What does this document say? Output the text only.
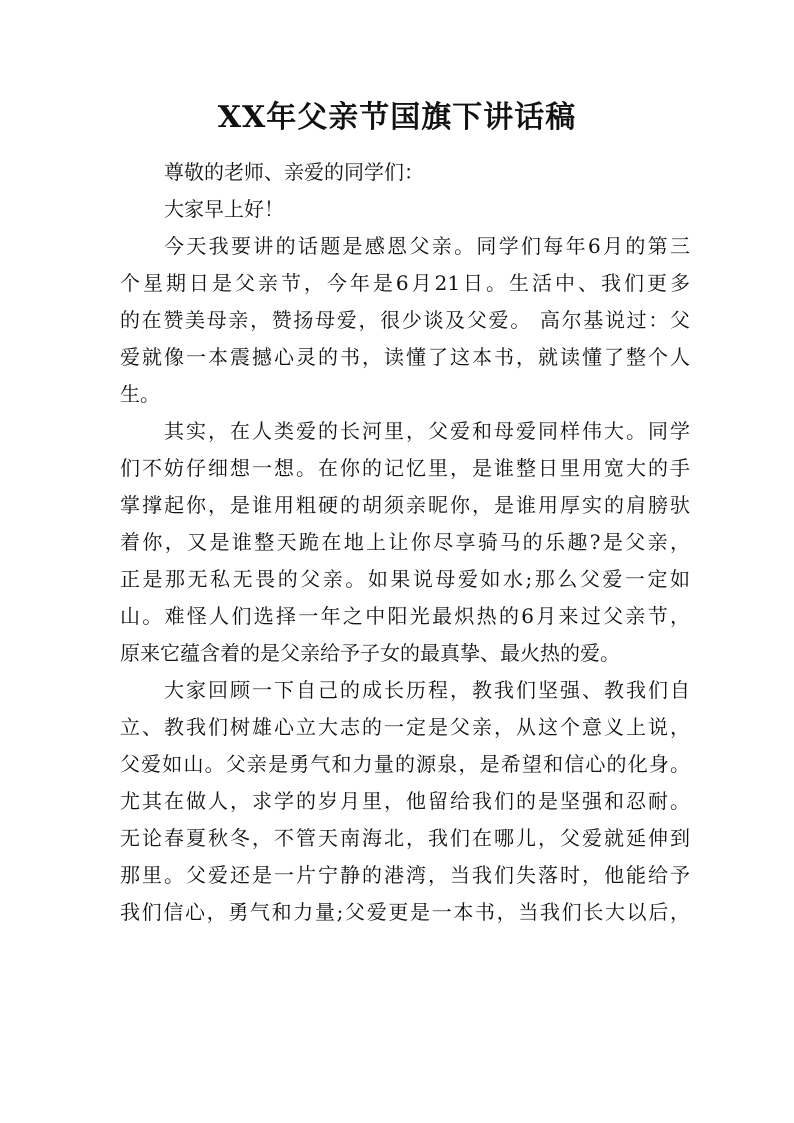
XX年父亲节国旗下讲话稿
尊敬的老师、亲爱的同学们：
大家早上好！
今天我要讲的话题是感恩父亲。同学们每年6月的第三
个星期日是父亲节，今年是6月21日。生活中、我们更多
的在赞美母亲，赞扬母爱，很少谈及父爱。 高尔基说过：父
爱就像一本震撼心灵的书，读懂了这本书，就读懂了整个人
生。
其实，在人类爱的长河里，父爱和母爱同样伟大。同学
们不妨仔细想一想。在你的记忆里，是谁整日里用宽大的手
掌撑起你，是谁用粗硬的胡须亲昵你，是谁用厚实的肩膀驮
着你，又是谁整天跪在地上让你尽享骑马的乐趣?是父亲，
正是那无私无畏的父亲。如果说母爱如水;那么父爱一定如
山。难怪人们选择一年之中阳光最炽热的6月来过父亲节，
原来它蕴含着的是父亲给予子女的最真挚、最火热的爱。
大家回顾一下自己的成长历程，教我们坚强、教我们自
立、教我们树雄心立大志的一定是父亲，从这个意义上说，
父爱如山。父亲是勇气和力量的源泉，是希望和信心的化身。
尤其在做人，求学的岁月里，他留给我们的是坚强和忍耐。
无论春夏秋冬，不管天南海北，我们在哪儿，父爱就延伸到
那里。父爱还是一片宁静的港湾，当我们失落时，他能给予
我们信心，勇气和力量;父爱更是一本书，当我们长大以后，
